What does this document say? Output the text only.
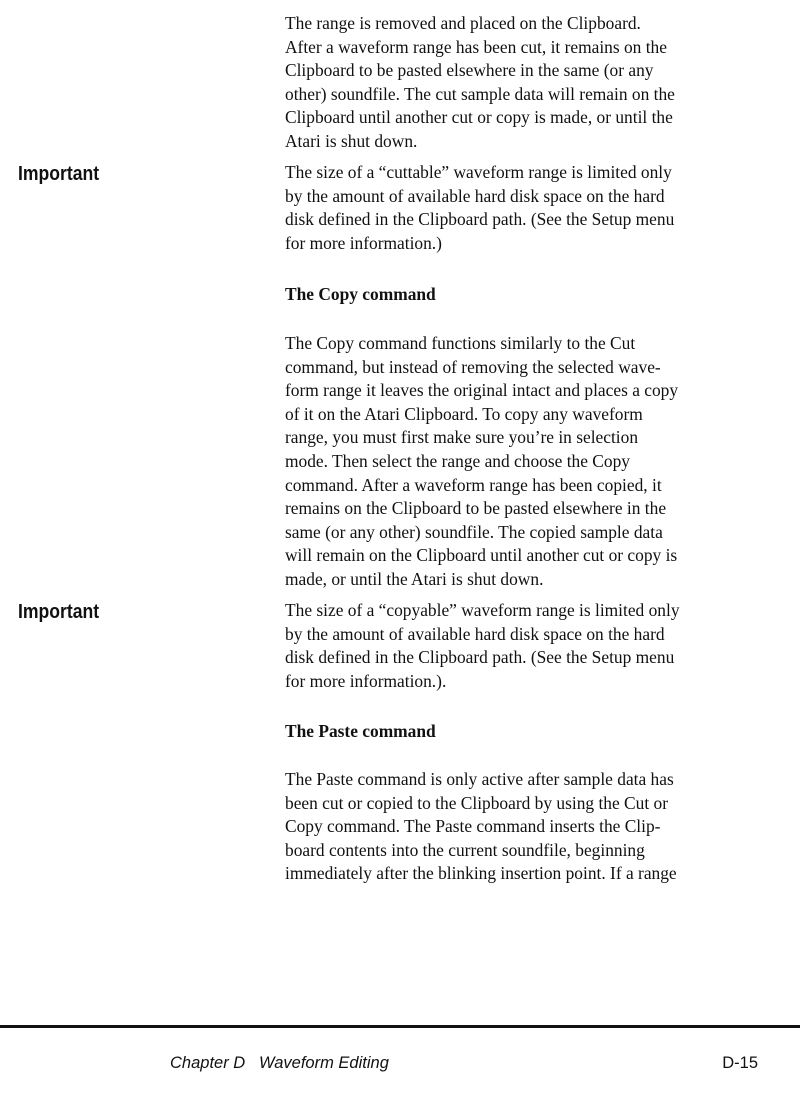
The range is removed and placed on the Clipboard.
After a waveform range has been cut, it remains on the
Clipboard to be pasted elsewhere in the same (or any
other) soundfile. The cut sample data will remain on the
Clipboard until another cut or copy is made, or until the
Atari is shut down.

Important	The size of a “cuttable” waveform range is limited only
by the amount of available hard disk space on the hard
disk defined in the Clipboard path. (See the Setup menu
for more information.)

The Copy command

The Copy command functions similarly to the Cut
command, but instead of removing the selected wave-
form range it leaves the original intact and places a copy
of it on the Atari Clipboard. To copy any waveform
range, you must first make sure you’re in selection
mode. Then select the range and choose the Copy
command. After a waveform range has been copied, it
remains on the Clipboard to be pasted elsewhere in the
same (or any other) soundfile. The copied sample data
will remain on the Clipboard until another cut or copy is
made, or until the Atari is shut down.

Important	The size of a “copyable” waveform range is limited only
by the amount of available hard disk space on the hard
disk defined in the Clipboard path. (See the Setup menu
for more information.).

The Paste command

The Paste command is only active after sample data has
been cut or copied to the Clipboard by using the Cut or
Copy command. The Paste command inserts the Clip-
board contents into the current soundfile, beginning
immediately after the blinking insertion point. If a range

Chapter D   Waveform Editing	D-15
